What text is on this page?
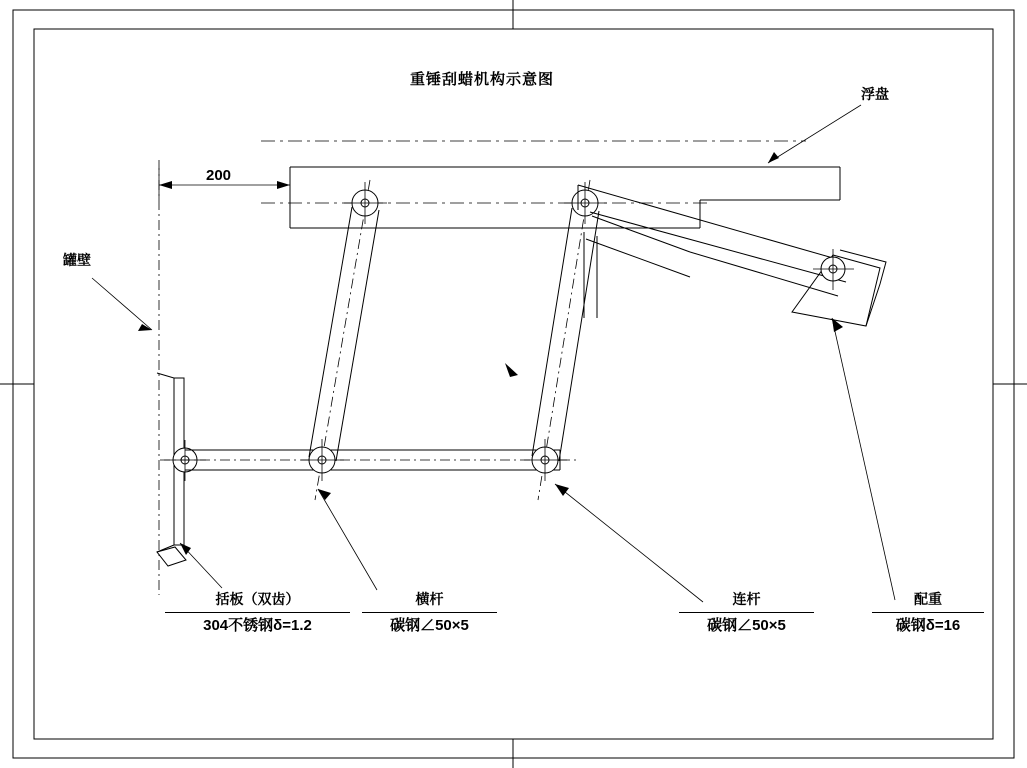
重锤刮蜡机构示意图
浮盘
罐壁
200
括板（双齿）
304不锈钢δ=1.2
横杆
碳钢∠50×5
连杆
碳钢∠50×5
配重
碳钢δ=16
